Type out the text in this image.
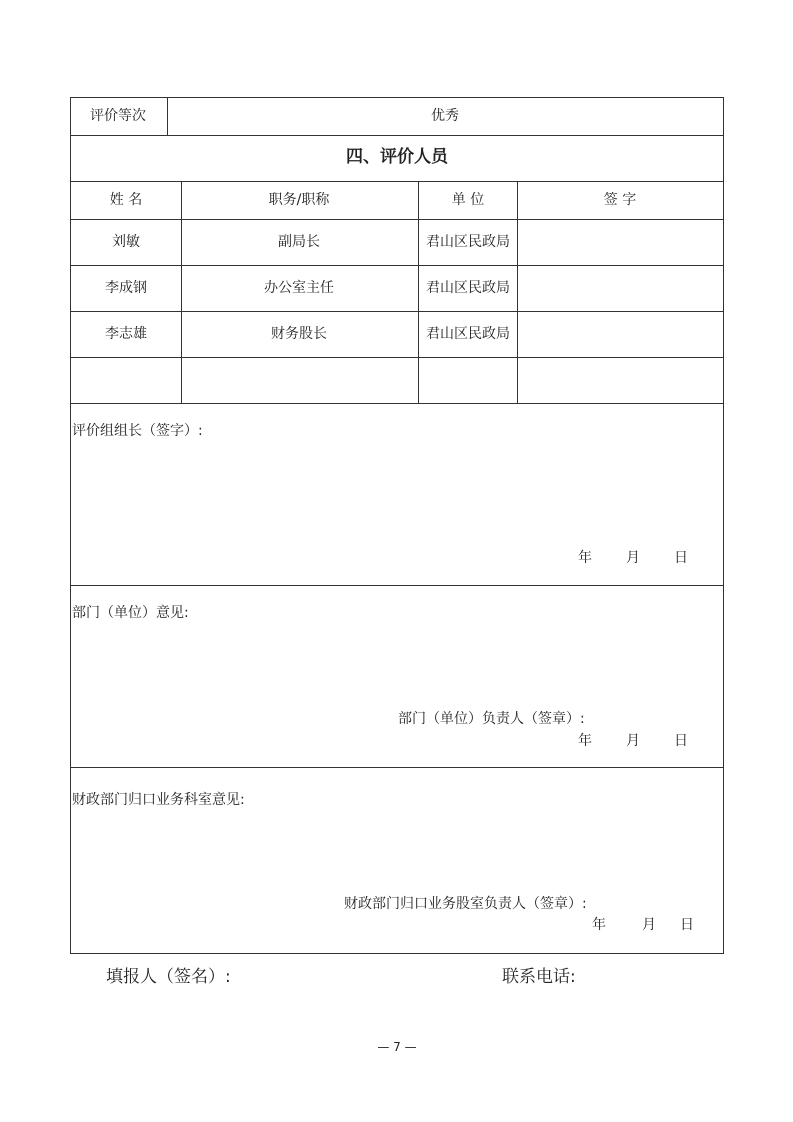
评价等次	优秀
四、评价人员
姓 名	职务/职称	单 位	签 字
刘敏	副局长	君山区民政局
李成钢	办公室主任	君山区民政局
李志雄	财务股长	君山区民政局
评价组组长（签字）:
年 月 日
部门（单位）意见:
部门（单位）负责人（签章）:
年 月 日
财政部门归口业务科室意见:
财政部门归口业务股室负责人（签章）:
年	月 日
填报人（签名）:	联系电话:
— 7 —
